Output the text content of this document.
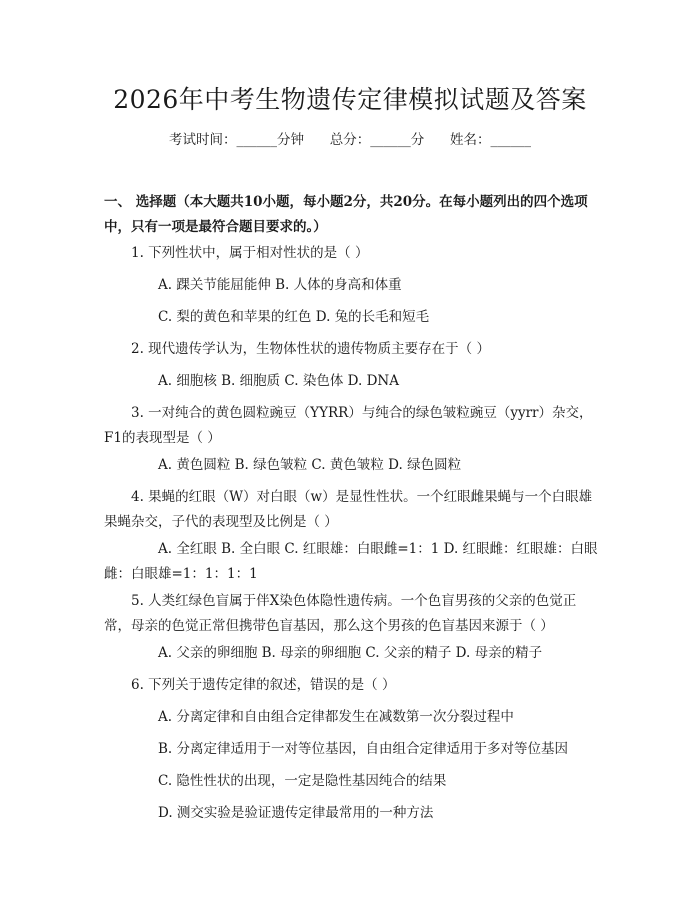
2026年中考生物遗传定律模拟试题及答案
考试时间：______分钟      总分：______分      姓名：______
一、 选择题（本大题共10小题，每小题2分，共20分。在每小题列出的四个选项中，只有一项是最符合题目要求的。）
1. 下列性状中，属于相对性状的是（ ）
A. 踝关节能屈能伸 B. 人体的身高和体重
C. 梨的黄色和苹果的红色 D. 兔的长毛和短毛
2. 现代遗传学认为，生物体性状的遗传物质主要存在于（ ）
A. 细胞核 B. 细胞质 C. 染色体 D. DNA
3. 一对纯合的黄色圆粒豌豆（YYRR）与纯合的绿色皱粒豌豆（yyrr）杂交，F1的表现型是（ ）
A. 黄色圆粒 B. 绿色皱粒 C. 黄色皱粒 D. 绿色圆粒
4. 果蝇的红眼（W）对白眼（w）是显性性状。一个红眼雌果蝇与一个白眼雄果蝇杂交，子代的表现型及比例是（ ）
A. 全红眼 B. 全白眼 C. 红眼雄：白眼雌=1：1 D. 红眼雌：红眼雄：白眼雌：白眼雄=1：1：1：1
5. 人类红绿色盲属于伴X染色体隐性遗传病。一个色盲男孩的父亲的色觉正常，母亲的色觉正常但携带色盲基因，那么这个男孩的色盲基因来源于（ ）
A. 父亲的卵细胞 B. 母亲的卵细胞 C. 父亲的精子 D. 母亲的精子
6. 下列关于遗传定律的叙述，错误的是（ ）
A. 分离定律和自由组合定律都发生在减数第一次分裂过程中
B. 分离定律适用于一对等位基因，自由组合定律适用于多对等位基因
C. 隐性性状的出现，一定是隐性基因纯合的结果
D. 测交实验是验证遗传定律最常用的一种方法
